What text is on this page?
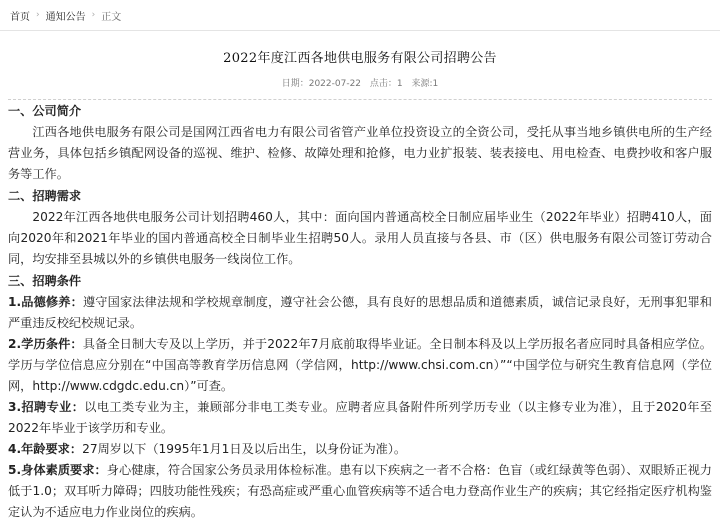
首页 › 通知公告 › 正文
2022年度江西各地供电服务有限公司招聘公告
日期：2022-07-22 点击：1 来源:1
一、公司简介
江西各地供电服务有限公司是国网江西省电力有限公司省管产业单位投资设立的全资公司，受托从事当地乡镇供电所的生产经营业务，具体包括乡镇配网设备的巡视、维护、检修、故障处理和抢修，电力业扩报装、装表接电、用电检查、电费抄收和客户服务等工作。
二、招聘需求
2022年江西各地供电服务公司计划招聘460人，其中：面向国内普通高校全日制应届毕业生（2022年毕业）招聘410人，面向2020年和2021年毕业的国内普通高校全日制毕业生招聘50人。录用人员直接与各县、市（区）供电服务有限公司签订劳动合同，均安排至县城以外的乡镇供电服务一线岗位工作。
三、招聘条件
1.品德修养：遵守国家法律法规和学校规章制度，遵守社会公德，具有良好的思想品质和道德素质，诚信记录良好，无刑事犯罪和严重违反校纪校规记录。
2.学历条件：具备全日制大专及以上学历，并于2022年7月底前取得毕业证。全日制本科及以上学历报名者应同时具备相应学位。学历与学位信息应分别在“中国高等教育学历信息网（学信网，http://www.chsi.com.cn）”“中国学位与研究生教育信息网（学位网，http://www.cdgdc.edu.cn）”可查。
3.招聘专业：以电工类专业为主，兼顾部分非电工类专业。应聘者应具备附件所列学历专业（以主修专业为准），且于2020年至2022年毕业于该学历和专业。
4.年龄要求：27周岁以下（1995年1月1日及以后出生，以身份证为准）。
5.身体素质要求：身心健康，符合国家公务员录用体检标准。患有以下疾病之一者不合格：色盲（或红绿黄等色弱）、双眼矫正视力低于1.0；双耳听力障碍；四肢功能性残疾；有恐高症或严重心血管疾病等不适合电力登高作业生产的疾病；其它经指定医疗机构鉴定认为不适应电力作业岗位的疾病。
